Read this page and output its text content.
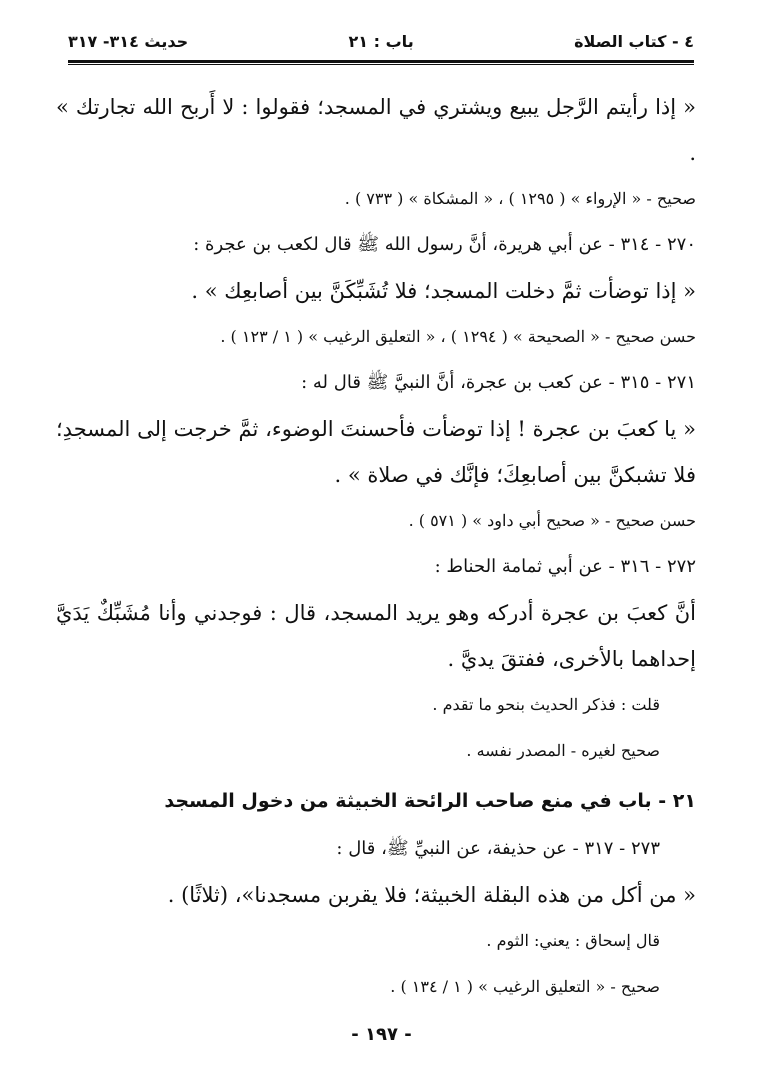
٤ - كتاب الصلاة
باب : ٢١
حديث ٣١٤- ٣١٧

« إذا رأيتم الرَّجل يبيع ويشتري في المسجد؛ فقولوا : لا أَربح الله تجارتك » .

صحيح - « الإرواء » ( ١٢٩٥ ) ، « المشكاة » ( ٧٣٣ ) .

٢٧٠ - ٣١٤ - عن أبي هريرة، أنَّ رسول الله ﷺ قال لكعب بن عجرة :

« إذا توضأت ثمَّ دخلت المسجد؛ فلا تُشَبِّكَنَّ بين أصابعِك » .

حسن صحيح - « الصحيحة » ( ١٢٩٤ ) ، « التعليق الرغيب » ( ١ / ١٢٣ ) .

٢٧١ - ٣١٥ - عن كعب بن عجرة، أنَّ النبيَّ ﷺ قال له :

« يا كعبَ بن عجرة ! إذا توضأت فأحسنتَ الوضوء، ثمَّ خرجت إلى المسجدِ؛ فلا تشبكنَّ بين أصابعِكَ؛ فإنَّك في صلاة » .

حسن صحيح - « صحيح أبي داود » ( ٥٧١ ) .

٢٧٢ - ٣١٦ - عن أبي ثمامة الحناط :

أنَّ كعبَ بن عجرة أدركه وهو يريد المسجد، قال : فوجدني وأنا مُشَبِّكٌ يَدَيَّ إحداهما بالأخرى، ففتقَ يديَّ .

قلت : فذكر الحديث بنحو ما تقدم .

صحيح لغيره - المصدر نفسه .

٢١ - باب في منع صاحب الرائحة الخبيثة من دخول المسجد

٢٧٣ - ٣١٧ - عن حذيفة، عن النبيِّ ﷺ، قال :

« من أكل من هذه البقلة الخبيثة؛ فلا يقربن مسجدنا»، (ثلاثًا) .

قال إسحاق : يعني: الثوم .

صحيح - « التعليق الرغيب » ( ١ / ١٣٤ ) .

- ١٩٧ -
